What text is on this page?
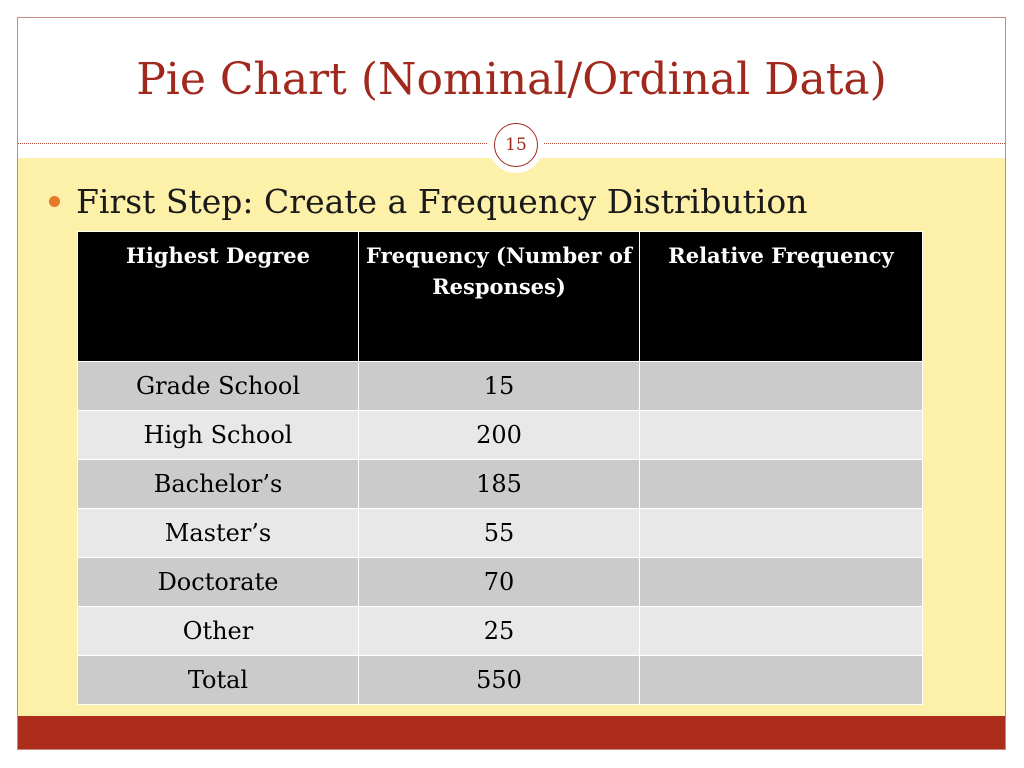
Pie Chart (Nominal/Ordinal Data)
15
First Step: Create a Frequency Distribution
Highest Degree	Frequency (Number of Responses)	Relative Frequency
Grade School	15	
High School	200	
Bachelor’s	185	
Master’s	55	
Doctorate	70	
Other	25	
Total	550	
